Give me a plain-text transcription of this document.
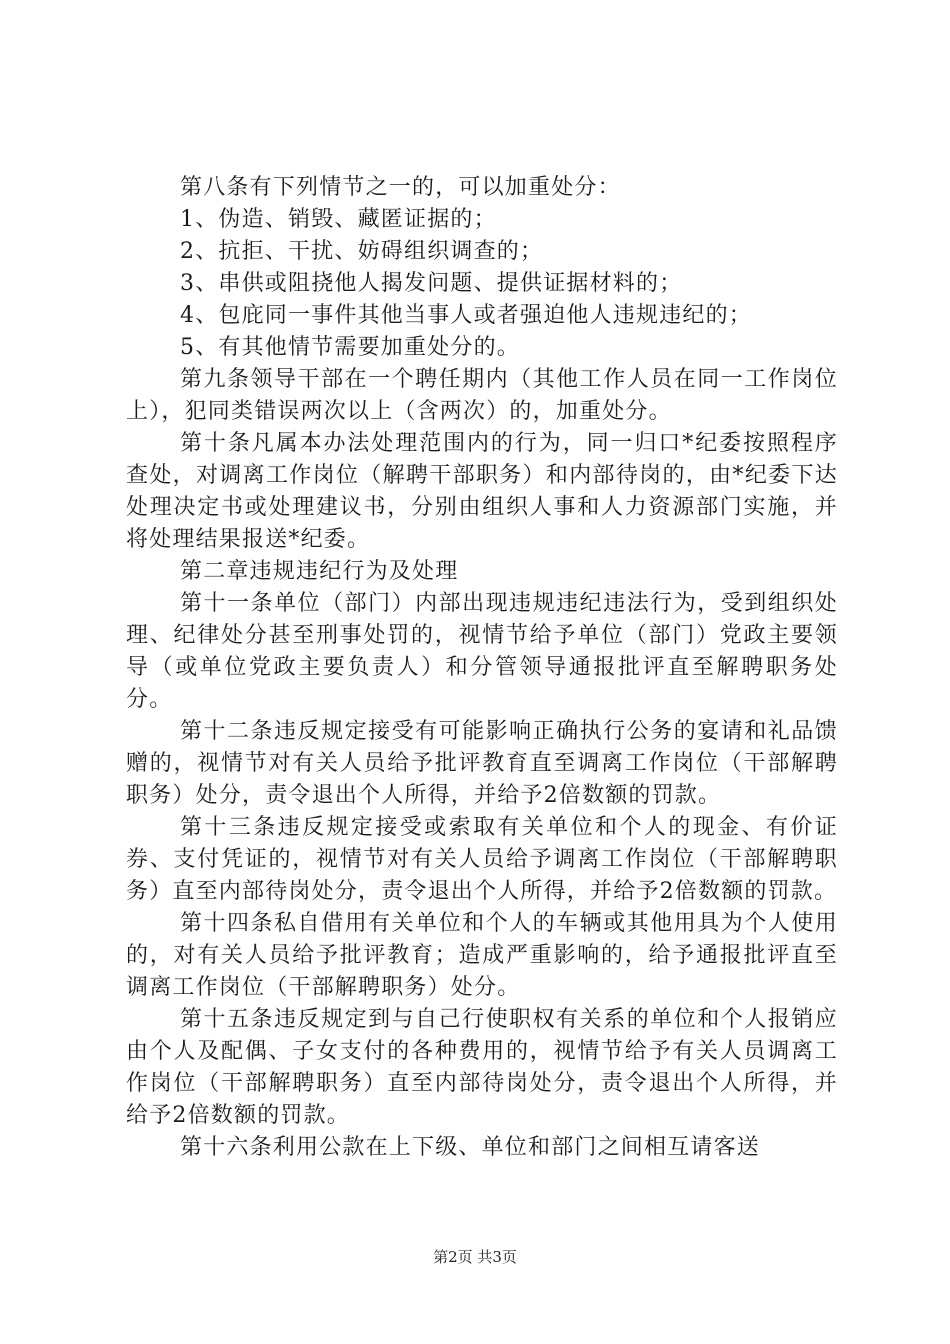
第八条有下列情节之一的，可以加重处分：

1、伪造、销毁、藏匿证据的；

2、抗拒、干扰、妨碍组织调查的；

3、串供或阻挠他人揭发问题、提供证据材料的；

4、包庇同一事件其他当事人或者强迫他人违规违纪的；

5、有其他情节需要加重处分的。

第九条领导干部在一个聘任期内（其他工作人员在同一工作岗位上），犯同类错误两次以上（含两次）的，加重处分。

第十条凡属本办法处理范围内的行为，同一归口*纪委按照程序查处，对调离工作岗位（解聘干部职务）和内部待岗的，由*纪委下达处理决定书或处理建议书，分别由组织人事和人力资源部门实施，并将处理结果报送*纪委。

第二章违规违纪行为及处理

第十一条单位（部门）内部出现违规违纪违法行为，受到组织处理、纪律处分甚至刑事处罚的，视情节给予单位（部门）党政主要领导（或单位党政主要负责人）和分管领导通报批评直至解聘职务处分。

第十二条违反规定接受有可能影响正确执行公务的宴请和礼品馈赠的，视情节对有关人员给予批评教育直至调离工作岗位（干部解聘职务）处分，责令退出个人所得，并给予2倍数额的罚款。

第十三条违反规定接受或索取有关单位和个人的现金、有价证券、支付凭证的，视情节对有关人员给予调离工作岗位（干部解聘职务）直至内部待岗处分，责令退出个人所得，并给予2倍数额的罚款。

第十四条私自借用有关单位和个人的车辆或其他用具为个人使用的，对有关人员给予批评教育；造成严重影响的，给予通报批评直至调离工作岗位（干部解聘职务）处分。

第十五条违反规定到与自己行使职权有关系的单位和个人报销应由个人及配偶、子女支付的各种费用的，视情节给予有关人员调离工作岗位（干部解聘职务）直至内部待岗处分，责令退出个人所得，并给予2倍数额的罚款。

第十六条利用公款在上下级、单位和部门之间相互请客送

第2页 共3页
